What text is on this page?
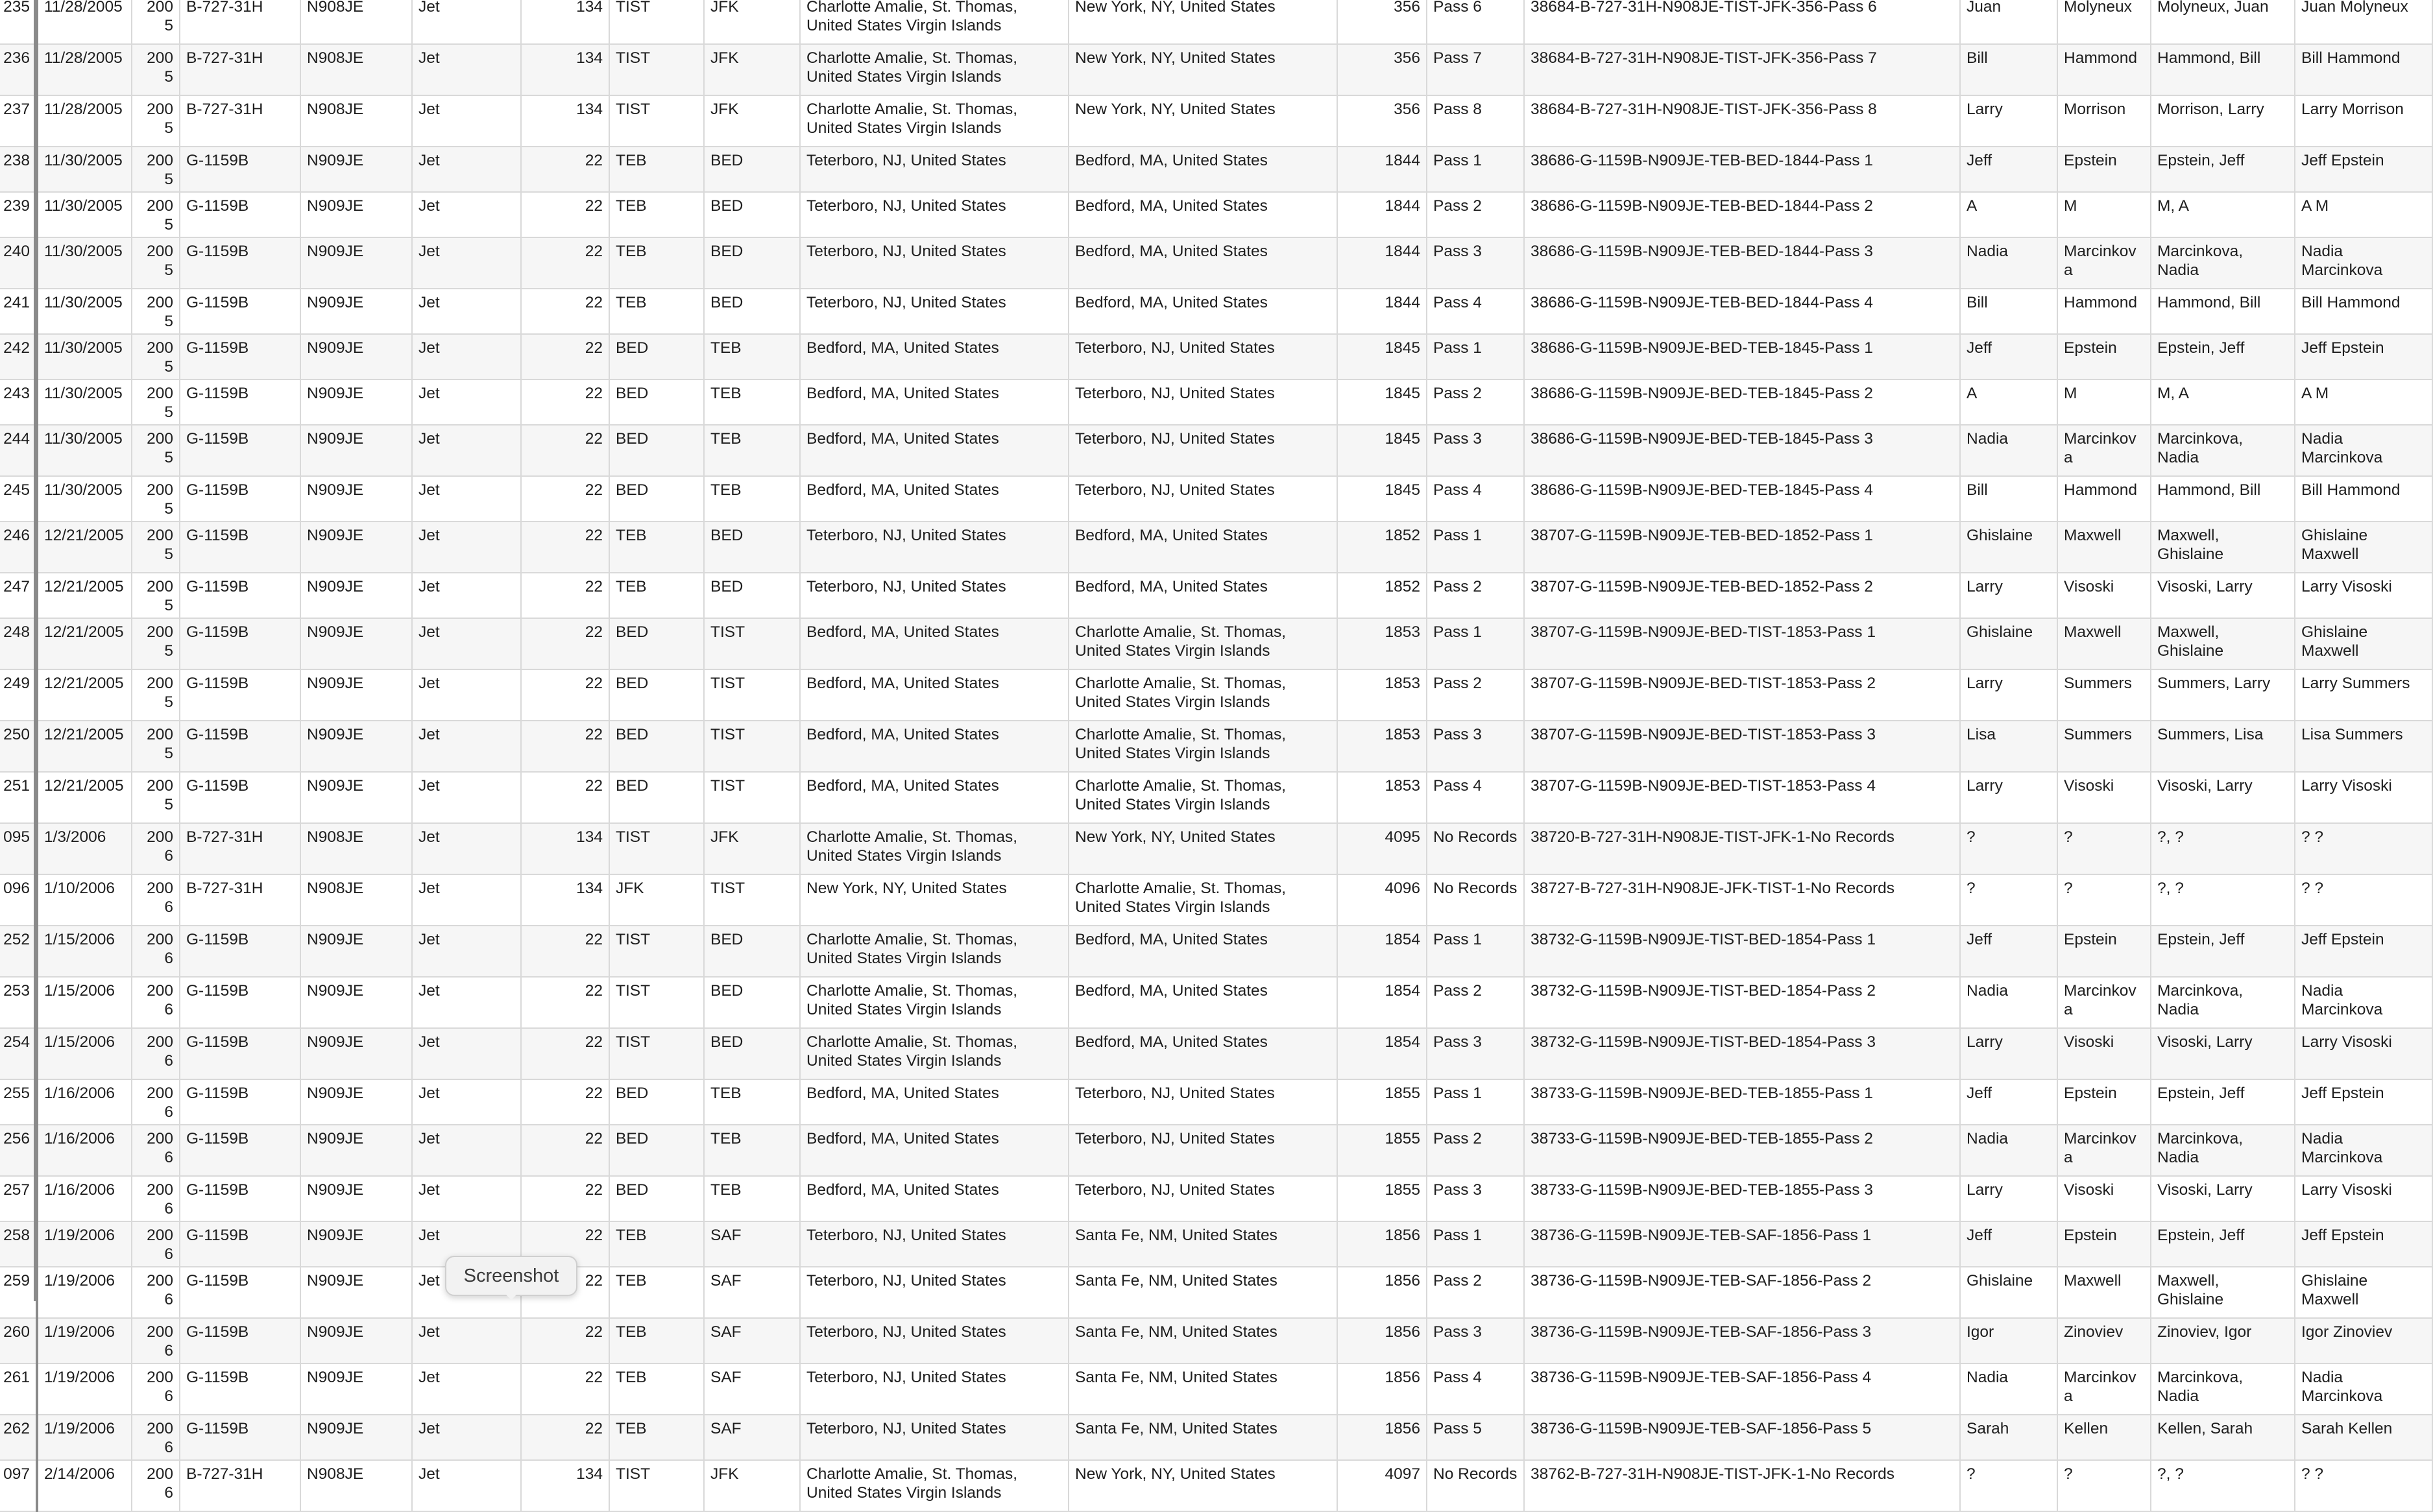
235	11/28/2005	2005	B-727-31H	N908JE	Jet	134	TIST	JFK	Charlotte Amalie, St. Thomas,
United States Virgin Islands	New York, NY, United States	356	Pass 6	38684-B-727-31H-N908JE-TIST-JFK-356-Pass 6	Juan	Molyneux	Molyneux, Juan	Juan Molyneux
236	11/28/2005	2005	B-727-31H	N908JE	Jet	134	TIST	JFK	Charlotte Amalie, St. Thomas,
United States Virgin Islands	New York, NY, United States	356	Pass 7	38684-B-727-31H-N908JE-TIST-JFK-356-Pass 7	Bill	Hammond	Hammond, Bill	Bill Hammond
237	11/28/2005	2005	B-727-31H	N908JE	Jet	134	TIST	JFK	Charlotte Amalie, St. Thomas,
United States Virgin Islands	New York, NY, United States	356	Pass 8	38684-B-727-31H-N908JE-TIST-JFK-356-Pass 8	Larry	Morrison	Morrison, Larry	Larry Morrison
238	11/30/2005	2005	G-1159B	N909JE	Jet	22	TEB	BED	Teterboro, NJ, United States	Bedford, MA, United States	1844	Pass 1	38686-G-1159B-N909JE-TEB-BED-1844-Pass 1	Jeff	Epstein	Epstein, Jeff	Jeff Epstein
239	11/30/2005	2005	G-1159B	N909JE	Jet	22	TEB	BED	Teterboro, NJ, United States	Bedford, MA, United States	1844	Pass 2	38686-G-1159B-N909JE-TEB-BED-1844-Pass 2	A	M	M, A	A M
240	11/30/2005	2005	G-1159B	N909JE	Jet	22	TEB	BED	Teterboro, NJ, United States	Bedford, MA, United States	1844	Pass 3	38686-G-1159B-N909JE-TEB-BED-1844-Pass 3	Nadia	Marcinkov
a	Marcinkova, Nadia	Nadia
Marcinkova
241	11/30/2005	2005	G-1159B	N909JE	Jet	22	TEB	BED	Teterboro, NJ, United States	Bedford, MA, United States	1844	Pass 4	38686-G-1159B-N909JE-TEB-BED-1844-Pass 4	Bill	Hammond	Hammond, Bill	Bill Hammond
242	11/30/2005	2005	G-1159B	N909JE	Jet	22	BED	TEB	Bedford, MA, United States	Teterboro, NJ, United States	1845	Pass 1	38686-G-1159B-N909JE-BED-TEB-1845-Pass 1	Jeff	Epstein	Epstein, Jeff	Jeff Epstein
243	11/30/2005	2005	G-1159B	N909JE	Jet	22	BED	TEB	Bedford, MA, United States	Teterboro, NJ, United States	1845	Pass 2	38686-G-1159B-N909JE-BED-TEB-1845-Pass 2	A	M	M, A	A M
244	11/30/2005	2005	G-1159B	N909JE	Jet	22	BED	TEB	Bedford, MA, United States	Teterboro, NJ, United States	1845	Pass 3	38686-G-1159B-N909JE-BED-TEB-1845-Pass 3	Nadia	Marcinkov
a	Marcinkova, Nadia	Nadia
Marcinkova
245	11/30/2005	2005	G-1159B	N909JE	Jet	22	BED	TEB	Bedford, MA, United States	Teterboro, NJ, United States	1845	Pass 4	38686-G-1159B-N909JE-BED-TEB-1845-Pass 4	Bill	Hammond	Hammond, Bill	Bill Hammond
246	12/21/2005	2005	G-1159B	N909JE	Jet	22	TEB	BED	Teterboro, NJ, United States	Bedford, MA, United States	1852	Pass 1	38707-G-1159B-N909JE-TEB-BED-1852-Pass 1	Ghislaine	Maxwell	Maxwell, Ghislaine	Ghislaine
Maxwell
247	12/21/2005	2005	G-1159B	N909JE	Jet	22	TEB	BED	Teterboro, NJ, United States	Bedford, MA, United States	1852	Pass 2	38707-G-1159B-N909JE-TEB-BED-1852-Pass 2	Larry	Visoski	Visoski, Larry	Larry Visoski
248	12/21/2005	2005	G-1159B	N909JE	Jet	22	BED	TIST	Bedford, MA, United States	Charlotte Amalie, St. Thomas,
United States Virgin Islands	1853	Pass 1	38707-G-1159B-N909JE-BED-TIST-1853-Pass 1	Ghislaine	Maxwell	Maxwell, Ghislaine	Ghislaine
Maxwell
249	12/21/2005	2005	G-1159B	N909JE	Jet	22	BED	TIST	Bedford, MA, United States	Charlotte Amalie, St. Thomas,
United States Virgin Islands	1853	Pass 2	38707-G-1159B-N909JE-BED-TIST-1853-Pass 2	Larry	Summers	Summers, Larry	Larry Summers
250	12/21/2005	2005	G-1159B	N909JE	Jet	22	BED	TIST	Bedford, MA, United States	Charlotte Amalie, St. Thomas,
United States Virgin Islands	1853	Pass 3	38707-G-1159B-N909JE-BED-TIST-1853-Pass 3	Lisa	Summers	Summers, Lisa	Lisa Summers
251	12/21/2005	2005	G-1159B	N909JE	Jet	22	BED	TIST	Bedford, MA, United States	Charlotte Amalie, St. Thomas,
United States Virgin Islands	1853	Pass 4	38707-G-1159B-N909JE-BED-TIST-1853-Pass 4	Larry	Visoski	Visoski, Larry	Larry Visoski
095	1/3/2006	2006	B-727-31H	N908JE	Jet	134	TIST	JFK	Charlotte Amalie, St. Thomas,
United States Virgin Islands	New York, NY, United States	4095	No Records	38720-B-727-31H-N908JE-TIST-JFK-1-No Records	?	?	?, ?	? ?
096	1/10/2006	2006	B-727-31H	N908JE	Jet	134	JFK	TIST	New York, NY, United States	Charlotte Amalie, St. Thomas,
United States Virgin Islands	4096	No Records	38727-B-727-31H-N908JE-JFK-TIST-1-No Records	?	?	?, ?	? ?
252	1/15/2006	2006	G-1159B	N909JE	Jet	22	TIST	BED	Charlotte Amalie, St. Thomas,
United States Virgin Islands	Bedford, MA, United States	1854	Pass 1	38732-G-1159B-N909JE-TIST-BED-1854-Pass 1	Jeff	Epstein	Epstein, Jeff	Jeff Epstein
253	1/15/2006	2006	G-1159B	N909JE	Jet	22	TIST	BED	Charlotte Amalie, St. Thomas,
United States Virgin Islands	Bedford, MA, United States	1854	Pass 2	38732-G-1159B-N909JE-TIST-BED-1854-Pass 2	Nadia	Marcinkov
a	Marcinkova, Nadia	Nadia
Marcinkova
254	1/15/2006	2006	G-1159B	N909JE	Jet	22	TIST	BED	Charlotte Amalie, St. Thomas,
United States Virgin Islands	Bedford, MA, United States	1854	Pass 3	38732-G-1159B-N909JE-TIST-BED-1854-Pass 3	Larry	Visoski	Visoski, Larry	Larry Visoski
255	1/16/2006	2006	G-1159B	N909JE	Jet	22	BED	TEB	Bedford, MA, United States	Teterboro, NJ, United States	1855	Pass 1	38733-G-1159B-N909JE-BED-TEB-1855-Pass 1	Jeff	Epstein	Epstein, Jeff	Jeff Epstein
256	1/16/2006	2006	G-1159B	N909JE	Jet	22	BED	TEB	Bedford, MA, United States	Teterboro, NJ, United States	1855	Pass 2	38733-G-1159B-N909JE-BED-TEB-1855-Pass 2	Nadia	Marcinkov
a	Marcinkova, Nadia	Nadia
Marcinkova
257	1/16/2006	2006	G-1159B	N909JE	Jet	22	BED	TEB	Bedford, MA, United States	Teterboro, NJ, United States	1855	Pass 3	38733-G-1159B-N909JE-BED-TEB-1855-Pass 3	Larry	Visoski	Visoski, Larry	Larry Visoski
258	1/19/2006	2006	G-1159B	N909JE	Jet	22	TEB	SAF	Teterboro, NJ, United States	Santa Fe, NM, United States	1856	Pass 1	38736-G-1159B-N909JE-TEB-SAF-1856-Pass 1	Jeff	Epstein	Epstein, Jeff	Jeff Epstein
259	1/19/2006	2006	G-1159B	N909JE	Jet	22	TEB	SAF	Teterboro, NJ, United States	Santa Fe, NM, United States	1856	Pass 2	38736-G-1159B-N909JE-TEB-SAF-1856-Pass 2	Ghislaine	Maxwell	Maxwell, Ghislaine	Ghislaine
Maxwell
260	1/19/2006	2006	G-1159B	N909JE	Jet	22	TEB	SAF	Teterboro, NJ, United States	Santa Fe, NM, United States	1856	Pass 3	38736-G-1159B-N909JE-TEB-SAF-1856-Pass 3	Igor	Zinoviev	Zinoviev, Igor	Igor Zinoviev
261	1/19/2006	2006	G-1159B	N909JE	Jet	22	TEB	SAF	Teterboro, NJ, United States	Santa Fe, NM, United States	1856	Pass 4	38736-G-1159B-N909JE-TEB-SAF-1856-Pass 4	Nadia	Marcinkov
a	Marcinkova, Nadia	Nadia
Marcinkova
262	1/19/2006	2006	G-1159B	N909JE	Jet	22	TEB	SAF	Teterboro, NJ, United States	Santa Fe, NM, United States	1856	Pass 5	38736-G-1159B-N909JE-TEB-SAF-1856-Pass 5	Sarah	Kellen	Kellen, Sarah	Sarah Kellen
097	2/14/2006	2006	B-727-31H	N908JE	Jet	134	TIST	JFK	Charlotte Amalie, St. Thomas,
United States Virgin Islands	New York, NY, United States	4097	No Records	38762-B-727-31H-N908JE-TIST-JFK-1-No Records	?	?	?, ?	? ?
Screenshot
